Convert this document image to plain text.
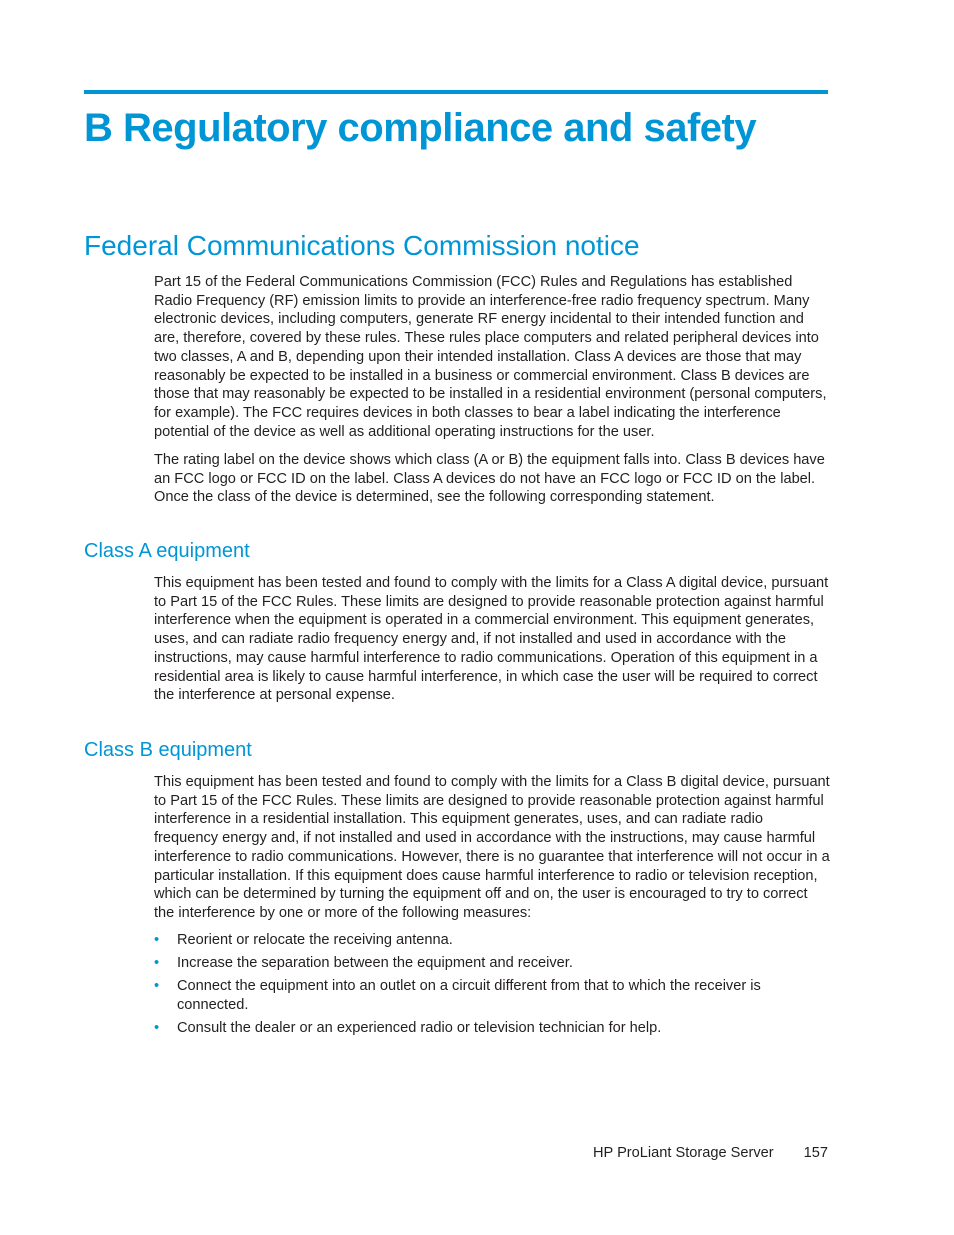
B Regulatory compliance and safety
Federal Communications Commission notice

Part 15 of the Federal Communications Commission (FCC) Rules and Regulations has established Radio Frequency (RF) emission limits to provide an interference-free radio frequency spectrum. Many electronic devices, including computers, generate RF energy incidental to their intended function and are, therefore, covered by these rules. These rules place computers and related peripheral devices into two classes, A and B, depending upon their intended installation. Class A devices are those that may reasonably be expected to be installed in a business or commercial environment. Class B devices are those that may reasonably be expected to be installed in a residential environment (personal computers, for example). The FCC requires devices in both classes to bear a label indicating the interference potential of the device as well as additional operating instructions for the user.

The rating label on the device shows which class (A or B) the equipment falls into. Class B devices have an FCC logo or FCC ID on the label. Class A devices do not have an FCC logo or FCC ID on the label. Once the class of the device is determined, see the following corresponding statement.

Class A equipment

This equipment has been tested and found to comply with the limits for a Class A digital device, pursuant to Part 15 of the FCC Rules. These limits are designed to provide reasonable protection against harmful interference when the equipment is operated in a commercial environment. This equipment generates, uses, and can radiate radio frequency energy and, if not installed and used in accordance with the instructions, may cause harmful interference to radio communications. Operation of this equipment in a residential area is likely to cause harmful interference, in which case the user will be required to correct the interference at personal expense.

Class B equipment

This equipment has been tested and found to comply with the limits for a Class B digital device, pursuant to Part 15 of the FCC Rules. These limits are designed to provide reasonable protection against harmful interference in a residential installation. This equipment generates, uses, and can radiate radio frequency energy and, if not installed and used in accordance with the instructions, may cause harmful interference to radio communications. However, there is no guarantee that interference will not occur in a particular installation. If this equipment does cause harmful interference to radio or television reception, which can be determined by turning the equipment off and on, the user is encouraged to try to correct the interference by one or more of the following measures:

• Reorient or relocate the receiving antenna.
• Increase the separation between the equipment and receiver.
• Connect the equipment into an outlet on a circuit different from that to which the receiver is connected.
• Consult the dealer or an experienced radio or television technician for help.
HP ProLiant Storage Server 157
